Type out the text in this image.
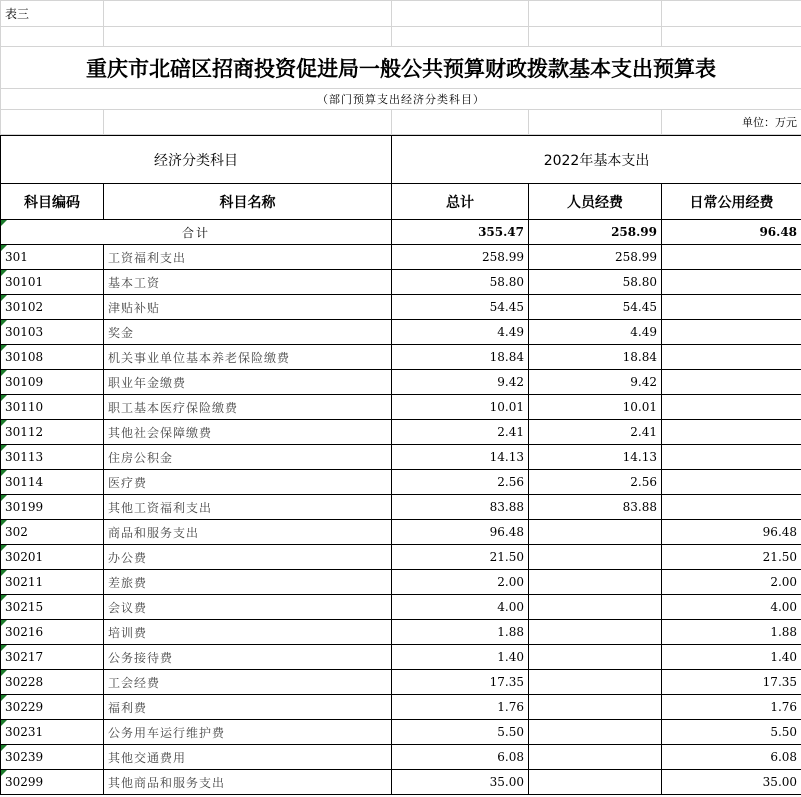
表三				

重庆市北碚区招商投资促进局一般公共预算财政拨款基本支出预算表				
（部门预算支出经济分类科目）				
				单位：万元
经济分类科目		2022年基本支出		
科目编码	科目名称	总计	人员经费	日常公用经费
合计		355.47	258.99	96.48
301	工资福利支出	258.99	258.99	
30101	基本工资	58.80	58.80	
30102	津贴补贴	54.45	54.45	
30103	奖金	4.49	4.49	
30108	机关事业单位基本养老保险缴费	18.84	18.84	
30109	职业年金缴费	9.42	9.42	
30110	职工基本医疗保险缴费	10.01	10.01	
30112	其他社会保障缴费	2.41	2.41	
30113	住房公积金	14.13	14.13	
30114	医疗费	2.56	2.56	
30199	其他工资福利支出	83.88	83.88	
302	商品和服务支出	96.48		96.48
30201	办公费	21.50		21.50
30211	差旅费	2.00		2.00
30215	会议费	4.00		4.00
30216	培训费	1.88		1.88
30217	公务接待费	1.40		1.40
30228	工会经费	17.35		17.35
30229	福利费	1.76		1.76
30231	公务用车运行维护费	5.50		5.50
30239	其他交通费用	6.08		6.08
30299	其他商品和服务支出	35.00		35.00
